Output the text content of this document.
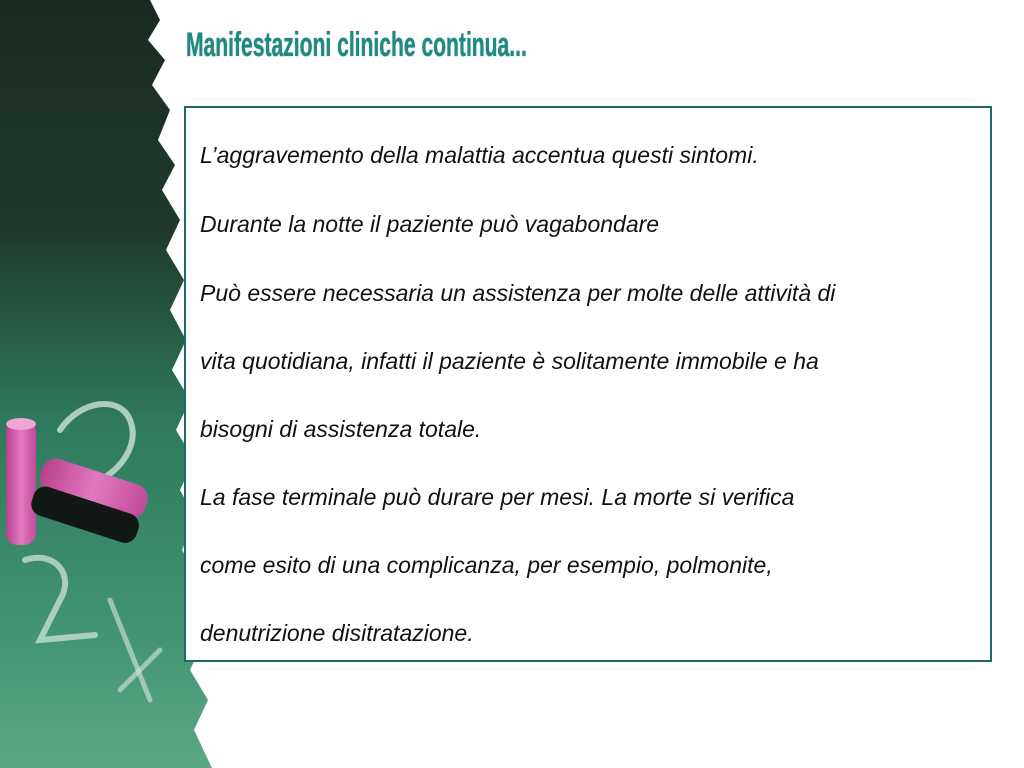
Manifestazioni cliniche continua...

L’aggravemento della malattia accentua questi sintomi.

Durante la notte il paziente può vagabondare

Può essere necessaria un assistenza per molte delle attività di

vita quotidiana, infatti il paziente è solitamente immobile e ha

bisogni di assistenza totale.

La fase terminale può durare per mesi. La morte si verifica

come esito di una complicanza, per esempio, polmonite,

denutrizione disitratazione.
